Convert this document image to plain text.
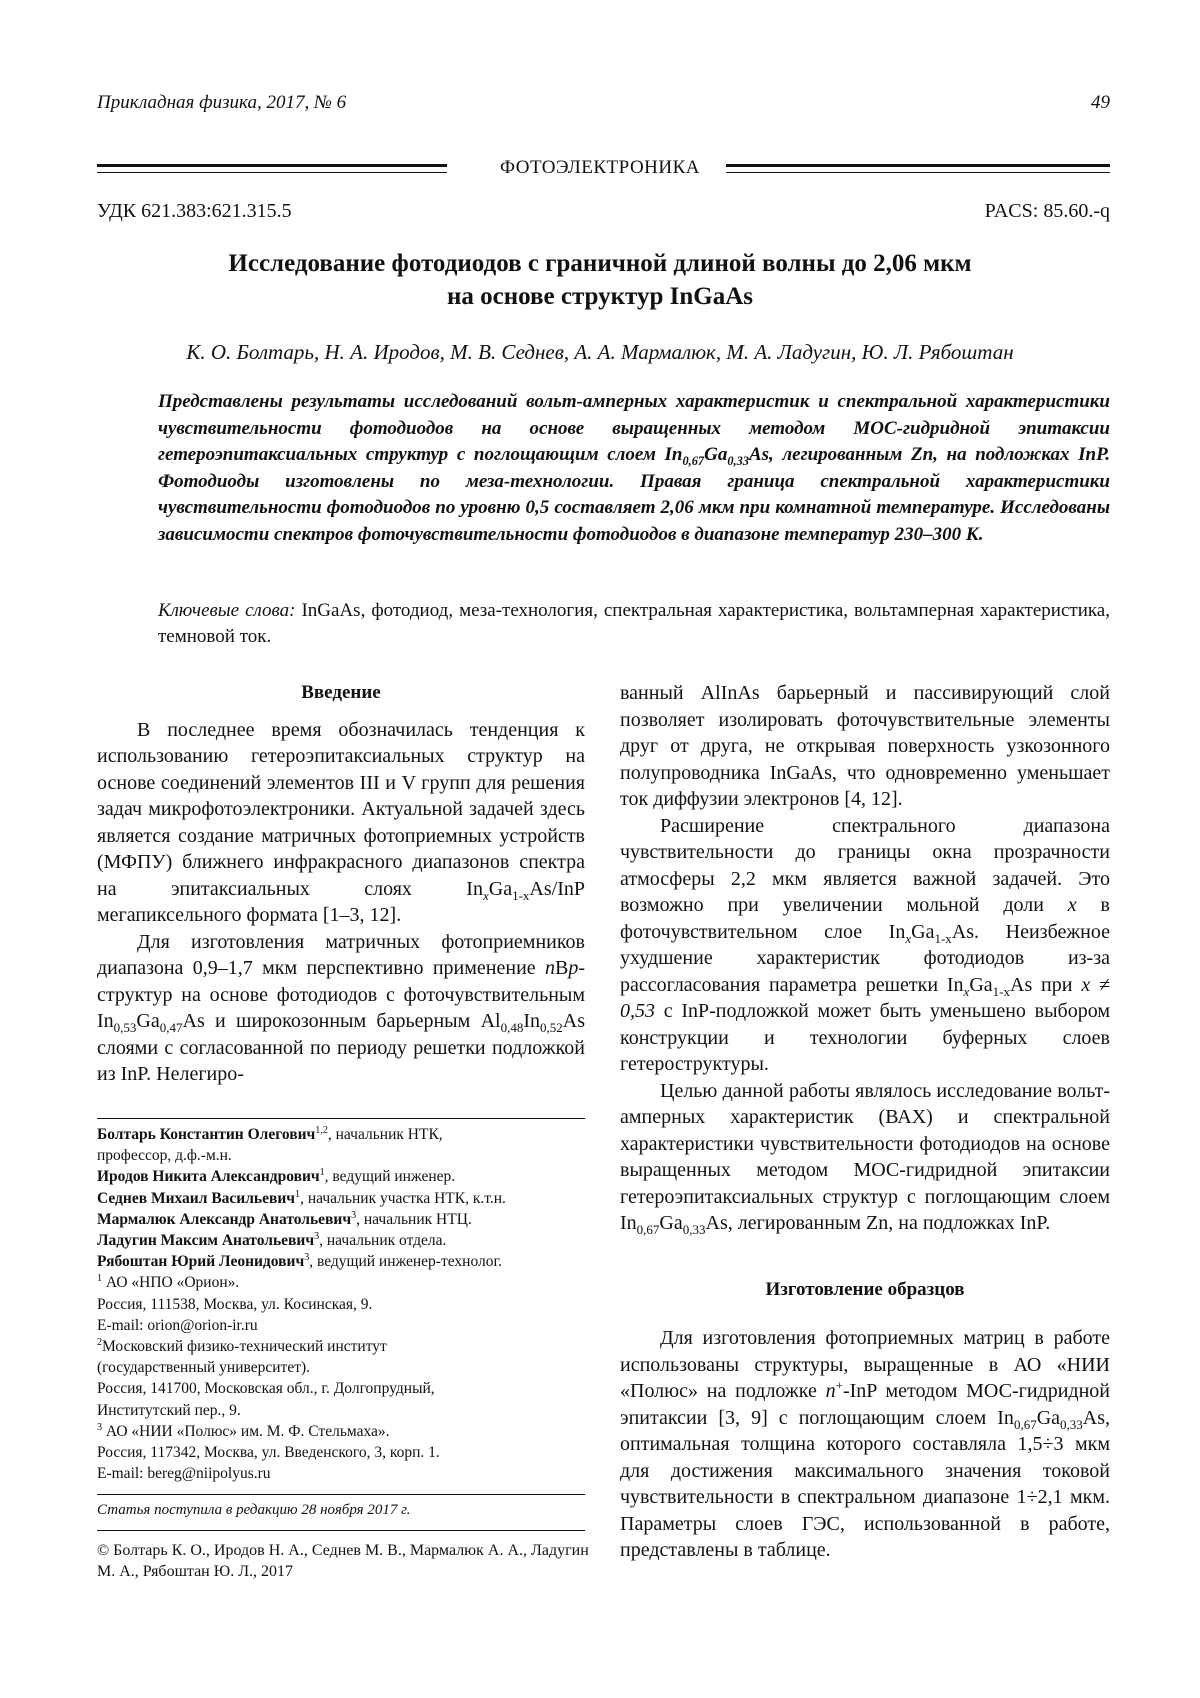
Прикладная физика, 2017, № 6	49
ФОТОЭЛЕКТРОНИКА
УДК 621.383:621.315.5	PACS: 85.60.-q
Исследование фотодиодов с граничной длиной волны до 2,06 мкм
на основе структур InGaAs
К. О. Болтарь, Н. А. Иродов, М. В. Седнев, А. А. Мармалюк, М. А. Ладугин, Ю. Л. Рябоштан
Представлены результаты исследований вольт-амперных характеристик и спектральной характеристики чувствительности фотодиодов на основе выращенных методом МОС-гидридной эпитаксии гетероэпитаксиальных структур с поглощающим слоем $In_{0,67}Ga_{0,33}As$, легированным Zn, на подложках InP. Фотодиоды изготовлены по меза-технологии. Правая граница спектральной характеристики чувствительности фотодиодов по уровню 0,5 составляет 2,06 мкм при комнатной температуре. Исследованы зависимости спектров фоточувствительности фотодиодов в диапазоне температур 230–300 К.
Ключевые слова: InGaAs, фотодиод, меза-технология, спектральная характеристика, вольтамперная характеристика, темновой ток.

Введение

В последнее время обозначилась тенденция к использованию гетероэпитаксиальных структур на основе соединений элементов III и V групп для решения задач микрофотоэлектроники. Актуальной задачей здесь является создание матричных фотоприемных устройств (МФПУ) ближнего инфракрасного диапазонов спектра на эпитаксиальных слоях $In_xGa_{1-x}As$/InP мегапиксельного формата [1–3, 12].

Для изготовления матричных фотоприемников диапазона 0,9–1,7 мкм перспективно применение nBp-структур на основе фотодиодов с фоточувствительным $In_{0,53}Ga_{0,47}As$ и широкозонным барьерным $Al_{0,48}In_{0,52}As$ слоями с согласованной по периоду решетки подложкой из InP. Нелегиро-

ванный AlInAs барьерный и пассивирующий слой позволяет изолировать фоточувствительные элементы друг от друга, не открывая поверхность узкозонного полупроводника InGaAs, что одновременно уменьшает ток диффузии электронов [4, 12].

Расширение спектрального диапазона чувствительности до границы окна прозрачности атмосферы 2,2 мкм является важной задачей. Это возможно при увеличении мольной доли x в фоточувствительном слое $In_xGa_{1-x}As$. Неизбежное ухудшение характеристик фотодиодов из-за рассогласования параметра решетки $In_xGa_{1-x}As$ при x ≠ 0,53 с InP-подложкой может быть уменьшено выбором конструкции и технологии буферных слоев гетероструктуры.

Целью данной работы являлось исследование вольт-амперных характеристик (ВАХ) и спектральной характеристики чувствительности фотодиодов на основе выращенных методом МОС-гидридной эпитаксии гетероэпитаксиальных структур с поглощающим слоем $In_{0,67}Ga_{0,33}As$, легированным Zn, на подложках InP.

Изготовление образцов

Для изготовления фотоприемных матриц в работе использованы структуры, выращенные в АО «НИИ «Полюс» на подложке n+-InP методом МОС-гидридной эпитаксии [3, 9] с поглощающим слоем $In_{0,67}Ga_{0,33}As$, оптимальная толщина которого составляла 1,5÷3 мкм для достижения максимального значения токовой чувствительности в спектральном диапазоне 1÷2,1 мкм. Параметры слоев ГЭС, использованной в работе, представлены в таблице.

Болтарь Константин Олегович$^{1,2}$, начальник НТК,
профессор, д.ф.-м.н.
Иродов Никита Александрович$^1$, ведущий инженер.
Седнев Михаил Васильевич$^1$, начальник участка НТК, к.т.н.
Мармалюк Александр Анатольевич$^3$, начальник НТЦ.
Ладугин Максим Анатольевич$^3$, начальник отдела.
Рябоштан Юрий Леонидович$^3$, ведущий инженер-технолог.
$^1$ АО «НПО «Орион».
Россия, 111538, Москва, ул. Косинская, 9.
E-mail: orion@orion-ir.ru
$^2$Московский физико-технический институт
(государственный университет).
Россия, 141700, Московская обл., г. Долгопрудный,
Институтский пер., 9.
$^3$ АО «НИИ «Полюс» им. М. Ф. Стельмаха».
Россия, 117342, Москва, ул. Введенского, 3, корп. 1.
E-mail: bereg@niipolyus.ru
Статья поступила в редакцию 28 ноября 2017 г.
© Болтарь К. О., Иродов Н. А., Седнев М. В., Мармалюк А. А., Ладугин М. А., Рябоштан Ю. Л., 2017
